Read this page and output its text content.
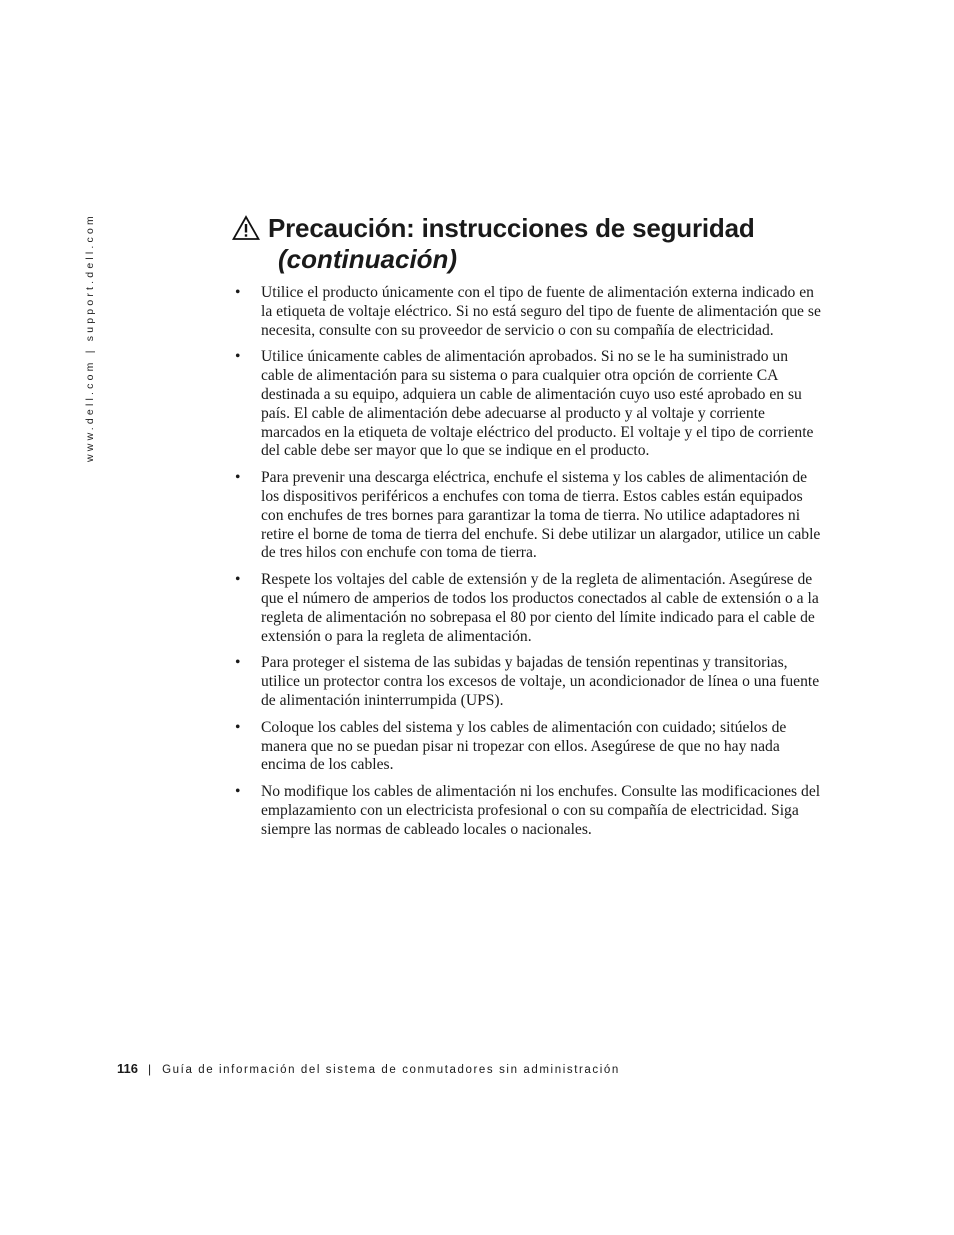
www.dell.com | support.dell.com	Precaución: instrucciones de seguridad
(continuación)
• Utilice el producto únicamente con el tipo de fuente de alimentación externa indicado en la etiqueta de voltaje eléctrico. Si no está seguro del tipo de fuente de alimentación que se necesita, consulte con su proveedor de servicio o con su compañía de electricidad.
• Utilice únicamente cables de alimentación aprobados. Si no se le ha suministrado un cable de alimentación para su sistema o para cualquier otra opción de corriente CA destinada a su equipo, adquiera un cable de alimentación cuyo uso esté aprobado en su país. El cable de alimentación debe adecuarse al producto y al voltaje y corriente marcados en la etiqueta de voltaje eléctrico del producto. El voltaje y el tipo de corriente del cable debe ser mayor que lo que se indique en el producto.
• Para prevenir una descarga eléctrica, enchufe el sistema y los cables de alimentación de los dispositivos periféricos a enchufes con toma de tierra. Estos cables están equipados con enchufes de tres bornes para garantizar la toma de tierra. No utilice adaptadores ni retire el borne de toma de tierra del enchufe. Si debe utilizar un alargador, utilice un cable de tres hilos con enchufe con toma de tierra.
• Respete los voltajes del cable de extensión y de la regleta de alimentación. Asegúrese de que el número de amperios de todos los productos conectados al cable de extensión o a la regleta de alimentación no sobrepasa el 80 por ciento del límite indicado para el cable de extensión o para la regleta de alimentación.
• Para proteger el sistema de las subidas y bajadas de tensión repentinas y transitorias, utilice un protector contra los excesos de voltaje, un acondicionador de línea o una fuente de alimentación ininterrumpida (UPS).
• Coloque los cables del sistema y los cables de alimentación con cuidado; sitúelos de manera que no se puedan pisar ni tropezar con ellos. Asegúrese de que no hay nada encima de los cables.
• No modifique los cables de alimentación ni los enchufes. Consulte las modificaciones del emplazamiento con un electricista profesional o con su compañía de electricidad. Siga siempre las normas de cableado locales o nacionales.
116 | Guía de información del sistema de conmutadores sin administración
